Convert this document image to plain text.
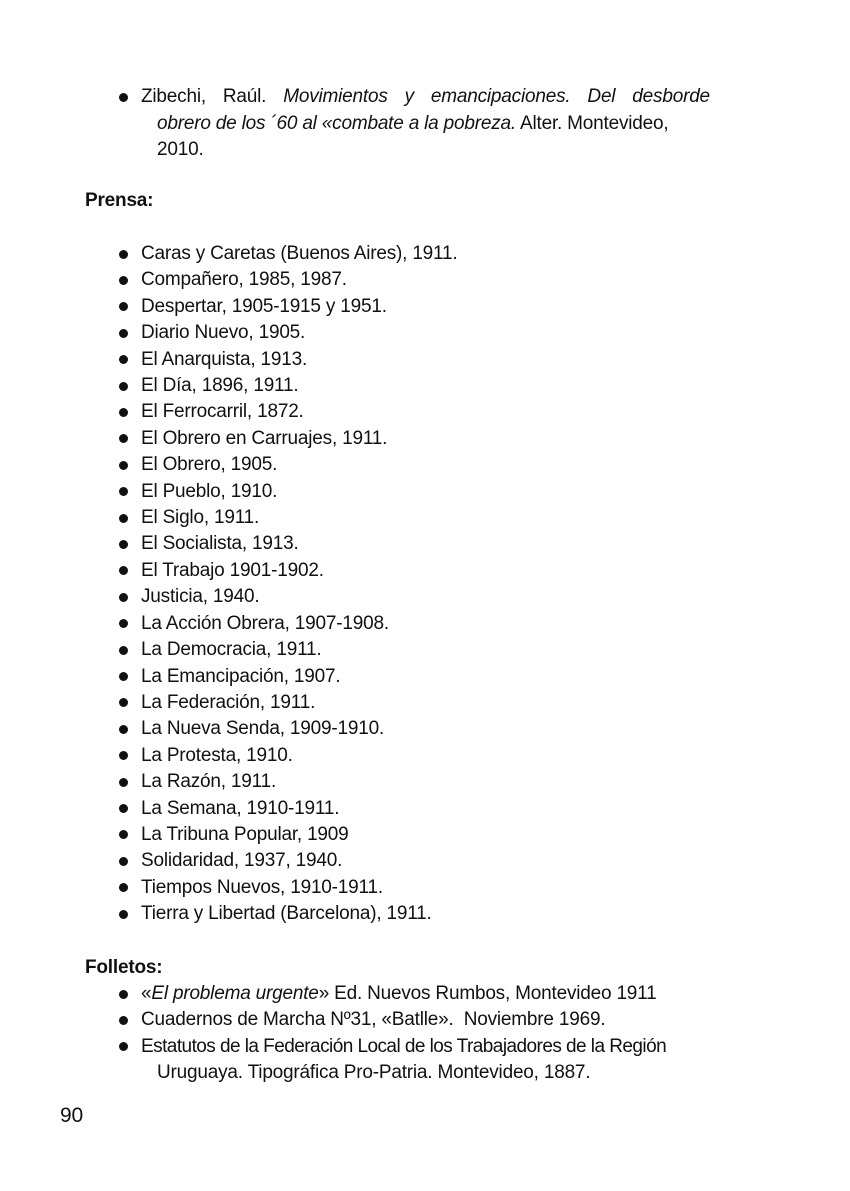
Zibechi, Raúl. Movimientos y emancipaciones. Del desborde
obrero de los ´60 al «combate a la pobreza. Alter. Montevideo,
2010.
Prensa:
Caras y Caretas (Buenos Aires), 1911.
Compañero, 1985, 1987.
Despertar, 1905-1915 y 1951.
Diario Nuevo, 1905.
El Anarquista, 1913.
El Día, 1896, 1911.
El Ferrocarril, 1872.
El Obrero en Carruajes, 1911.
El Obrero, 1905.
El Pueblo, 1910.
El Siglo, 1911.
El Socialista, 1913.
El Trabajo 1901-1902.
Justicia, 1940.
La Acción Obrera, 1907-1908.
La Democracia, 1911.
La Emancipación, 1907.
La Federación, 1911.
La Nueva Senda, 1909-1910.
La Protesta, 1910.
La Razón, 1911.
La Semana, 1910-1911.
La Tribuna Popular, 1909
Solidaridad, 1937, 1940.
Tiempos Nuevos, 1910-1911.
Tierra y Libertad (Barcelona), 1911.
Folletos:
«El problema urgente» Ed. Nuevos Rumbos, Montevideo 1911
Cuadernos de Marcha Nº31, «Batlle».  Noviembre 1969.
Estatutos de la Federación Local de los Trabajadores de la Región
Uruguaya. Tipográfica Pro-Patria. Montevideo, 1887.
90
